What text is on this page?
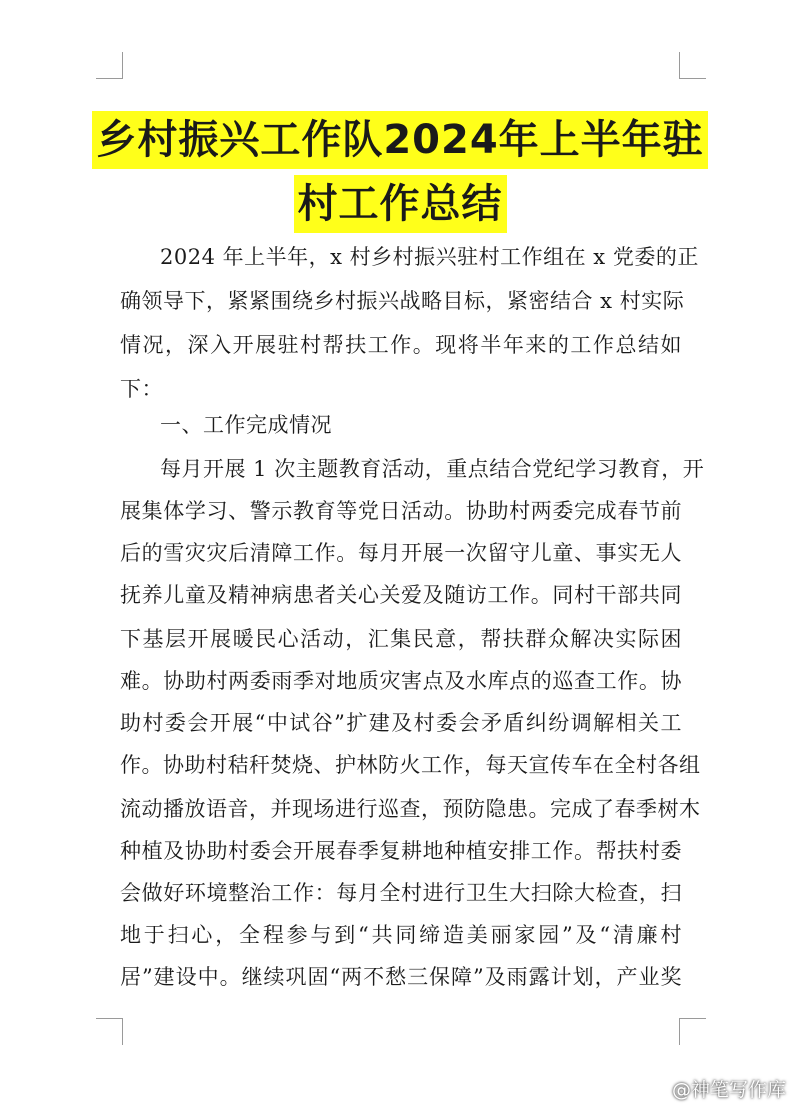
乡村振兴工作队2024年上半年驻
村工作总结
2024 年上半年，x 村乡村振兴驻村工作组在 x 党委的正
确领导下，紧紧围绕乡村振兴战略目标，紧密结合 x 村实际
情况，深入开展驻村帮扶工作。现将半年来的工作总结如
下：
一、工作完成情况
每月开展 1 次主题教育活动，重点结合党纪学习教育，开
展集体学习、警示教育等党日活动。协助村两委完成春节前
后的雪灾灾后清障工作。每月开展一次留守儿童、事实无人
抚养儿童及精神病患者关心关爱及随访工作。同村干部共同
下基层开展暖民心活动，汇集民意，帮扶群众解决实际困
难。协助村两委雨季对地质灾害点及水库点的巡查工作。协
助村委会开展“中试谷”扩建及村委会矛盾纠纷调解相关工
作。协助村秸秆焚烧、护林防火工作，每天宣传车在全村各组
流动播放语音，并现场进行巡查，预防隐患。完成了春季树木
种植及协助村委会开展春季复耕地种植安排工作。帮扶村委
会做好环境整治工作：每月全村进行卫生大扫除大检查，扫
地于扫心，全程参与到“共同缔造美丽家园”及“清廉村
居”建设中。继续巩固“两不愁三保障”及雨露计划，产业奖
@神笔写作库
